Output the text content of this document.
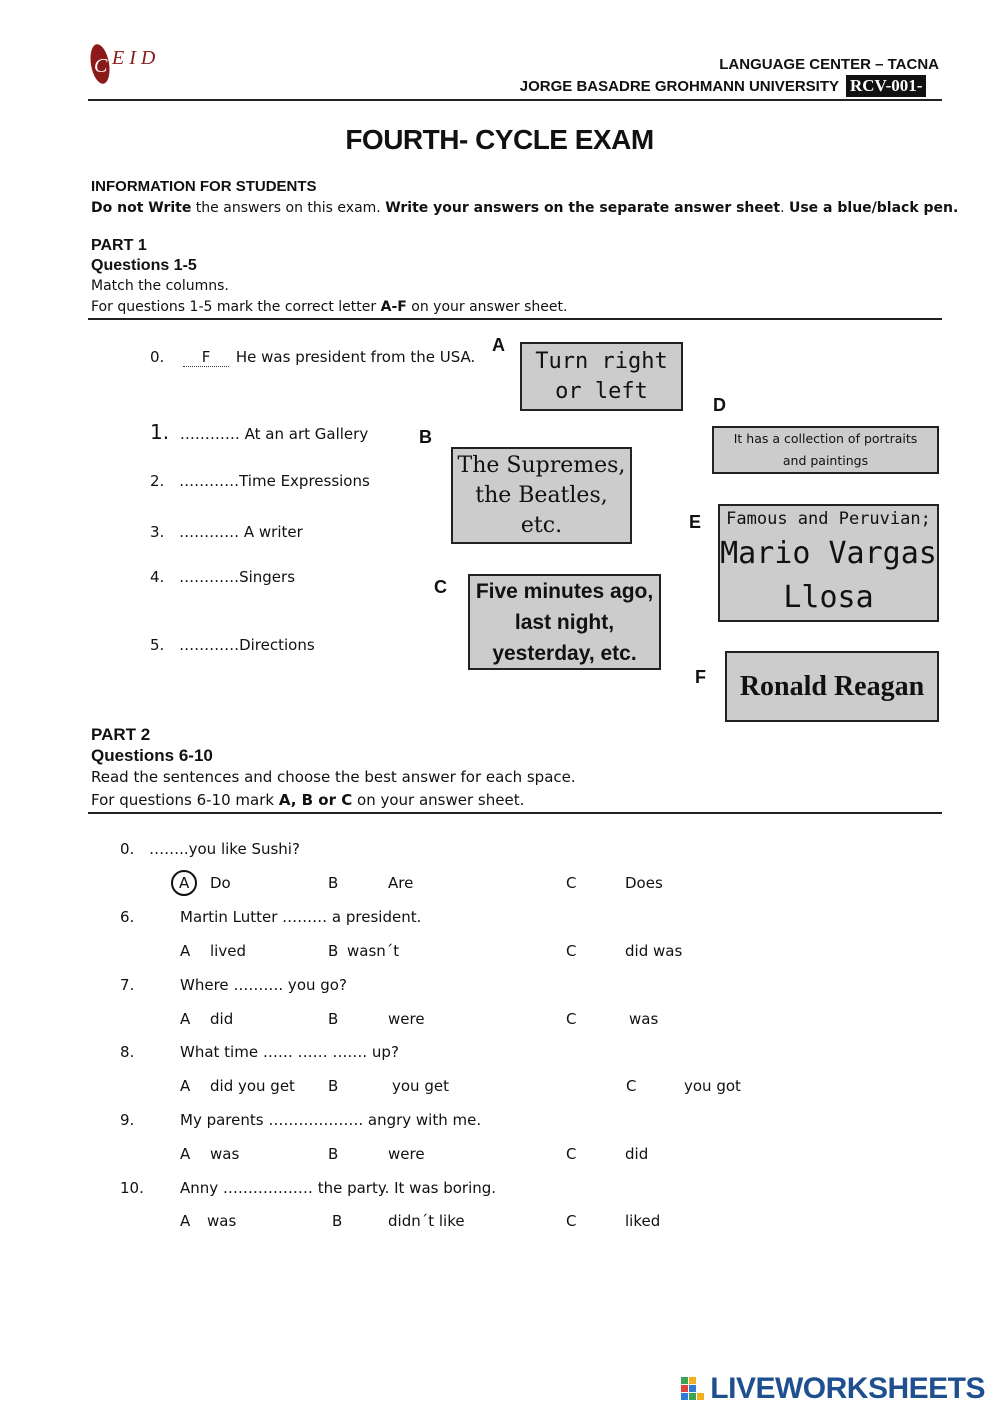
C E I D	LANGUAGE CENTER – TACNA
JORGE BASADRE GROHMANN UNIVERSITY RCV-001-
FOURTH- CYCLE EXAM
INFORMATION FOR STUDENTS
Do not Write the answers on this exam. Write your answers on the separate answer sheet. Use a blue/black pen.
PART 1
Questions 1-5
Match the columns.
For questions 1-5 mark the correct letter A-F on your answer sheet.
0. F He was president from the USA.
1. ………… At an art Gallery
2. …………Time Expressions
3. ………… A writer
4. …………Singers
5. …………Directions
A
Turn right or left
D
It has a collection of portraits and paintings
B
The Supremes, the Beatles, etc.	E Famous and Peruvian;
Mario Vargas Llosa
C	Five minutes ago, last night, yesterday, etc.
F	Ronald Reagan
PART 2
Questions 6-10
Read the sentences and choose the best answer for each space.
For questions 6-10 mark A, B or C on your answer sheet.
0. ……..you like Sushi?
A Do	B	Are	C	Does
6.	Martin Lutter ……… a president.
A lived	B wasn´t	C	did was
7.	Where ………. you go?
A did	B	were	C	was
8.	What time …… …… ……. up?
A did you get B	you get	C	you got
9.	My parents ………………. angry with me.
A was	B	were	C	did
10. Anny ……………… the party. It was boring.
A was	B	didn´t like	C	liked
LIVEWORKSHEETS
